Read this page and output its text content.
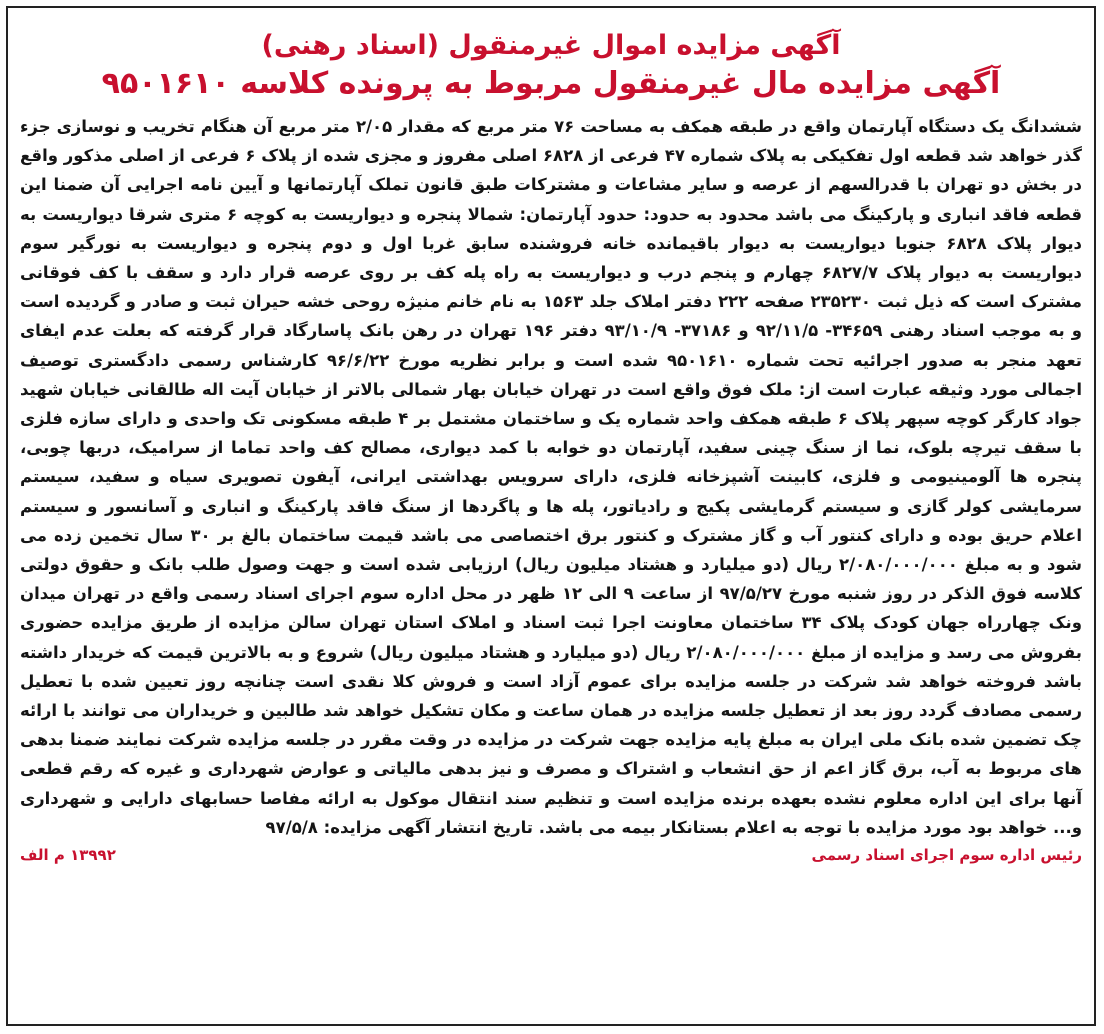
آگهی مزایده اموال غیرمنقول (اسناد رهنی)
آگهی مزایده مال غیرمنقول مربوط به پرونده کلاسه ۹۵۰۱۶۱۰

ششدانگ یک دستگاه آپارتمان واقع در طبقه همکف به مساحت ۷۶ متر مربع که مقدار ۲/۰۵ متر مربع آن هنگام تخریب و نوسازی جزء گذر خواهد شد قطعه اول تفکیکی به پلاک شماره ۴۷ فرعی از ۶۸۲۸ اصلی مفروز و مجزی شده از پلاک ۶ فرعی از اصلی مذکور واقع در بخش دو تهران با قدرالسهم از عرصه و سایر مشاعات و مشترکات طبق قانون تملک آپارتمانها و آیین نامه اجرایی آن ضمنا این قطعه فاقد انباری و پارکینگ می باشد محدود به حدود: حدود آپارتمان: شمالا پنجره و دیواریست به کوچه ۶ متری شرقا دیواریست به دیوار پلاک ۶۸۲۸ جنوبا دیواریست به دیوار باقیمانده خانه فروشنده سابق غربا اول و دوم پنجره و دیواریست به نورگیر سوم دیواریست به دیوار پلاک ۶۸۲۷/۷ چهارم و پنجم درب و دیواریست به راه پله کف بر روی عرصه قرار دارد و سقف با کف فوقانی مشترک است که ذیل ثبت ۲۳۵۲۳۰ صفحه ۲۲۲ دفتر املاک جلد ۱۵۶۳ به نام خانم منیژه روحی خشه حیران ثبت و صادر و گردیده است و به موجب اسناد رهنی ۳۴۶۵۹- ۹۲/۱۱/۵ و ۳۷۱۸۶- ۹۳/۱۰/۹ دفتر ۱۹۶ تهران در رهن بانک پاسارگاد قرار گرفته که بعلت عدم ایفای تعهد منجر به صدور اجرائیه تحت شماره ۹۵۰۱۶۱۰ شده است و برابر نظریه مورخ ۹۶/۶/۲۲ کارشناس رسمی دادگستری توصیف اجمالی مورد وثیقه عبارت است از: ملک فوق واقع است در تهران خیابان بهار شمالی بالاتر از خیابان آیت اله طالقانی خیابان شهید جواد کارگر کوچه سپهر پلاک ۶ طبقه همکف واحد شماره یک و ساختمان مشتمل بر ۴ طبقه مسکونی تک واحدی و دارای سازه فلزی با سقف تیرچه بلوک، نما از سنگ چینی سفید، آپارتمان دو خوابه با کمد دیواری، مصالح کف واحد تماما از سرامیک، دربها چوبی، پنجره ها آلومینیومی و فلزی، کابینت آشپزخانه فلزی، دارای سرویس بهداشتی ایرانی، آیفون تصویری سیاه و سفید، سیستم سرمایشی کولر گازی و سیستم گرمایشی پکیج و رادیاتور، پله ها و پاگردها از سنگ فاقد پارکینگ و انباری و آسانسور و سیستم اعلام حریق بوده و دارای کنتور آب و گاز مشترک و کنتور برق اختصاصی می باشد قیمت ساختمان بالغ بر ۳۰ سال تخمین زده می شود و به مبلغ ۲/۰۸۰/۰۰۰/۰۰۰ ریال (دو میلیارد و هشتاد میلیون ریال) ارزیابی شده است و جهت وصول طلب بانک و حقوق دولتی کلاسه فوق الذکر در روز شنبه مورخ ۹۷/۵/۲۷ از ساعت ۹ الی ۱۲ ظهر در محل اداره سوم اجرای اسناد رسمی واقع در تهران میدان ونک چهارراه جهان کودک پلاک ۳۴ ساختمان معاونت اجرا ثبت اسناد و املاک استان تهران سالن مزایده از طریق مزایده حضوری بفروش می رسد و مزایده از مبلغ ۲/۰۸۰/۰۰۰/۰۰۰ ریال (دو میلیارد و هشتاد میلیون ریال) شروع و به بالاترین قیمت که خریدار داشته باشد فروخته خواهد شد شرکت در جلسه مزایده برای عموم آزاد است و فروش کلا نقدی است چنانچه روز تعیین شده با تعطیل رسمی مصادف گردد روز بعد از تعطیل جلسه مزایده در همان ساعت و مکان تشکیل خواهد شد طالبین و خریداران می توانند با ارائه چک تضمین شده بانک ملی ایران به مبلغ پایه مزایده جهت شرکت در مزایده در وقت مقرر در جلسه مزایده شرکت نمایند ضمنا بدهی های مربوط به آب، برق گاز اعم از حق انشعاب و اشتراک و مصرف و نیز بدهی مالیاتی و عوارض شهرداری و غیره که رقم قطعی آنها برای این اداره معلوم نشده بعهده برنده مزایده است و تنظیم سند انتقال موکول به ارائه مفاصا حسابهای دارایی و شهرداری و... خواهد بود مورد مزایده با توجه به اعلام بستانکار بیمه می باشد. تاریخ انتشار آگهی مزایده: ۹۷/۵/۸

رئیس اداره سوم اجرای اسناد رسمی
۱۳۹۹۲ م الف
